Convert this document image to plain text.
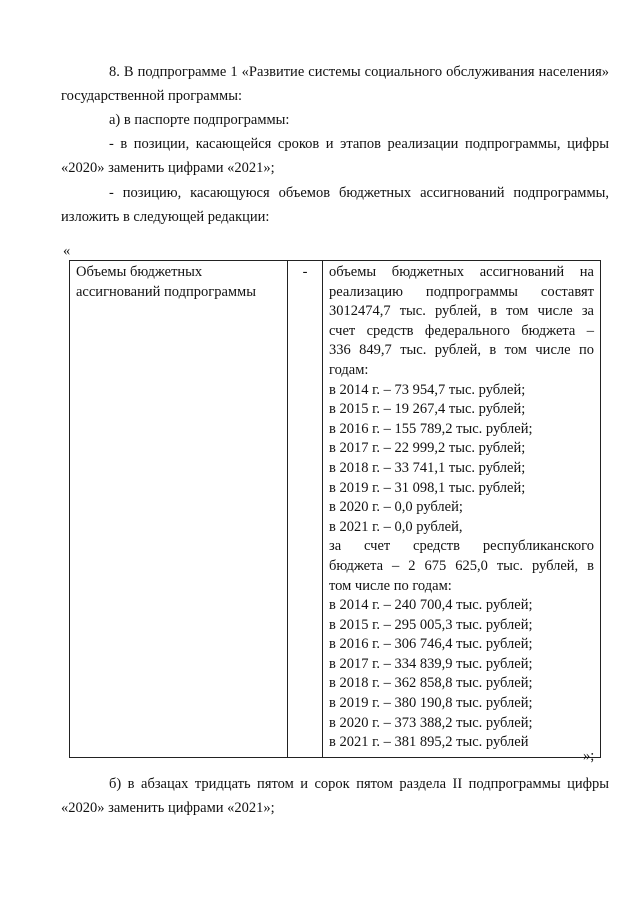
8. В подпрограмме 1 «Развитие системы социального обслуживания населения» государственной программы:
а) в паспорте подпрограммы:
- в позиции, касающейся сроков и этапов реализации подпрограммы, цифры «2020» заменить цифрами «2021»;
- позицию, касающуюся объемов бюджетных ассигнований подпрограммы, изложить в следующей редакции:
«
Объемы бюджетных ассигнований подпрограммы	-	объемы бюджетных ассигнований на
реализацию подпрограммы составят
3012474,7 тыс. рублей, в том числе за
счет средств федерального бюджета –
336 849,7 тыс. рублей, в том числе по
годам:
в 2014 г. – 73 954,7 тыс. рублей;
в 2015 г. – 19 267,4 тыс. рублей;
в 2016 г. – 155 789,2 тыс. рублей;
в 2017 г. – 22 999,2 тыс. рублей;
в 2018 г. – 33 741,1 тыс. рублей;
в 2019 г. – 31 098,1 тыс. рублей;
в 2020 г. – 0,0 рублей;
в 2021 г. – 0,0 рублей,
за счет средств республиканского
бюджета – 2 675 625,0 тыс. рублей, в
том числе по годам:
в 2014 г. – 240 700,4 тыс. рублей;
в 2015 г. – 295 005,3 тыс. рублей;
в 2016 г. – 306 746,4 тыс. рублей;
в 2017 г. – 334 839,9 тыс. рублей;
в 2018 г. – 362 858,8 тыс. рублей;
в 2019 г. – 380 190,8 тыс. рублей;
в 2020 г. – 373 388,2 тыс. рублей;
в 2021 г. – 381 895,2 тыс. рублей
»;
б) в абзацах тридцать пятом и сорок пятом раздела II подпрограммы цифры «2020» заменить цифрами «2021»;
